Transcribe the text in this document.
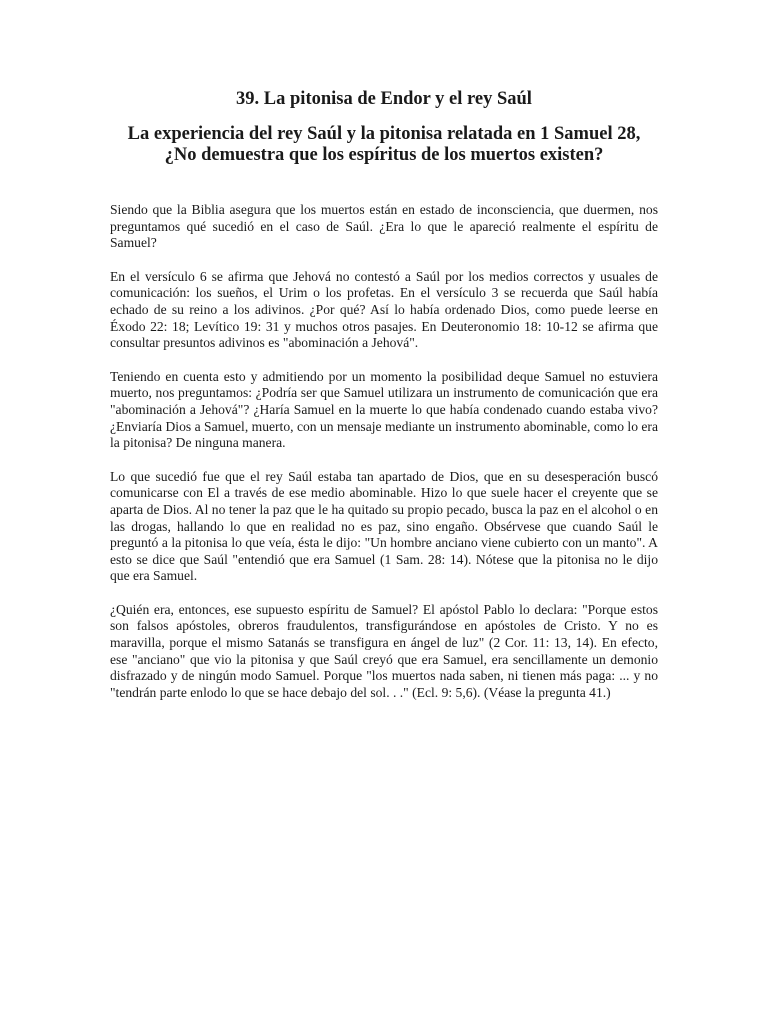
39. La pitonisa de Endor y el rey Saúl
La experiencia del rey Saúl y la pitonisa relatada en 1 Samuel 28, ¿No demuestra que los espíritus de los muertos existen?

Siendo que la Biblia asegura que los muertos están en estado de inconsciencia, que duermen, nos preguntamos qué sucedió en el caso de Saúl. ¿Era lo que le apareció realmente el espíritu de Samuel?

En el versículo 6 se afirma que Jehová no contestó a Saúl por los medios correctos y usuales de comunicación: los sueños, el Urim o los profetas. En el versículo 3 se recuerda que Saúl había echado de su reino a los adivinos. ¿Por qué? Así lo había ordenado Dios, como puede leerse en Éxodo 22: 18; Levítico 19: 31 y muchos otros pasajes. En Deuteronomio 18: 10-12 se afirma que consultar presuntos adivinos es "abominación a Jehová".

Teniendo en cuenta esto y admitiendo por un momento la posibilidad deque Samuel no estuviera muerto, nos preguntamos: ¿Podría ser que Samuel utilizara un instrumento de comunicación que era "abominación a Jehová"? ¿Haría Samuel en la muerte lo que había condenado cuando estaba vivo? ¿Enviaría Dios a Samuel, muerto, con un mensaje mediante un instrumento abominable, como lo era la pitonisa? De ninguna manera.

Lo que sucedió fue que el rey Saúl estaba tan apartado de Dios, que en su desesperación buscó comunicarse con El a través de ese medio abominable. Hizo lo que suele hacer el creyente que se aparta de Dios. Al no tener la paz que le ha quitado su propio pecado, busca la paz en el alcohol o en las drogas, hallando lo que en realidad no es paz, sino engaño. Obsérvese que cuando Saúl le preguntó a la pitonisa lo que veía, ésta le dijo: "Un hombre anciano viene cubierto con un manto". A esto se dice que Saúl "entendió que era Samuel (1 Sam. 28: 14). Nótese que la pitonisa no le dijo que era Samuel.

¿Quién era, entonces, ese supuesto espíritu de Samuel? El apóstol Pablo lo declara: "Porque estos son falsos apóstoles, obreros fraudulentos, transfigurándose en apóstoles de Cristo. Y no es maravilla, porque el mismo Satanás se transfigura en ángel de luz" (2 Cor. 11: 13, 14). En efecto, ese "anciano" que vio la pitonisa y que Saúl creyó que era Samuel, era sencillamente un demonio disfrazado y de ningún modo Samuel. Porque "los muertos nada saben, ni tienen más paga: ... y no "tendrán parte enlodo lo que se hace debajo del sol. . ." (Ecl. 9: 5,6). (Véase la pregunta 41.)
